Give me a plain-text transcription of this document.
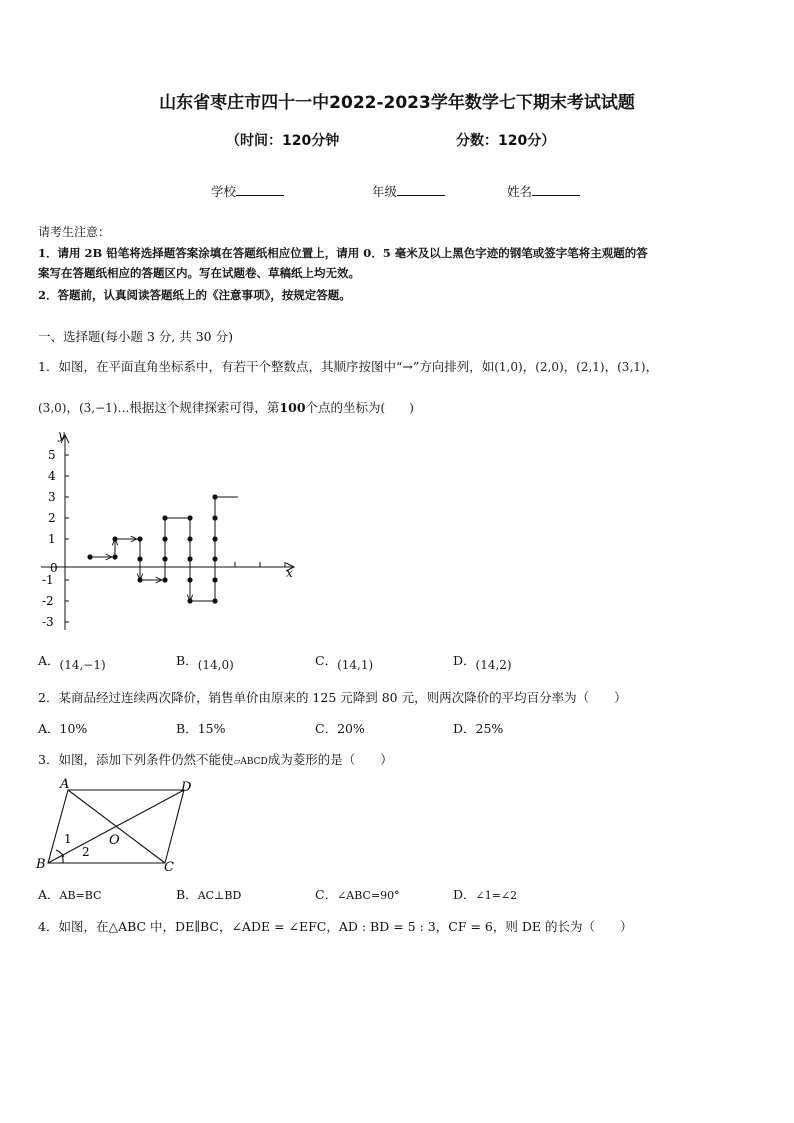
山东省枣庄市四十一中2022-2023学年数学七下期末考试试题
（时间：120分钟	分数：120分）
学校	年级	姓名
请考生注意：
1．请用 2B 铅笔将选择题答案涂填在答题纸相应位置上，请用 0．5 毫米及以上黑色字迹的钢笔或签字笔将主观题的答
案写在答题纸相应的答题区内。写在试题卷、草稿纸上均无效。
2．答题前，认真阅读答题纸上的《注意事项》，按规定答题。
一、选择题(每小题 3 分, 共 30 分)
1．如图，在平面直角坐标系中，有若干个整数点，其顺序按图中“→”方向排列，如(1,0)，(2,0)，(2,1)，(3,1)，
(3,0)，(3,−1)...根据这个规律探索可得，第100个点的坐标为(　　)
y
x
0
5
4
3
2
1
-1
-2
-3
A．(14,−1)	B．(14,0)	C．(14,1)	D．(14,2)
2．某商品经过连续两次降价，销售单价由原来的 125 元降到 80 元，则两次降价的平均百分率为（　　）
A．10%	B．15%	C．20%	D．25%
3．如图，添加下列条件仍然不能使▱ABCD成为菱形的是（　　）
A	D
B	C
O
1
2
A．AB=BC	B．AC⊥BD	C．∠ABC=90°	D．∠1=∠2
4．如图，在△ABC 中，DE∥BC，∠ADE = ∠EFC，AD : BD = 5 : 3，CF = 6，则 DE 的长为（　　）
